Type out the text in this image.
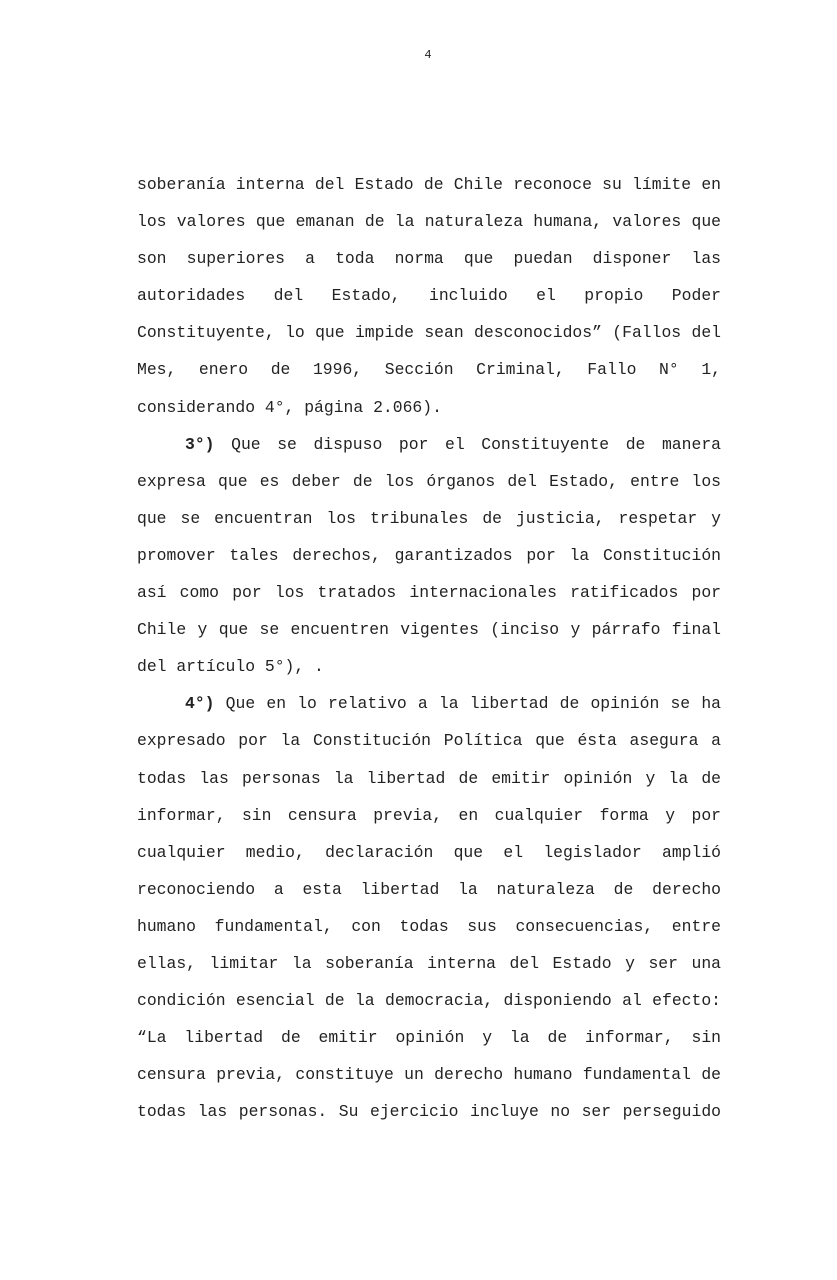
4
soberanía interna del Estado de Chile reconoce su límite en
los valores que emanan de la naturaleza humana, valores que
son superiores a toda norma que puedan disponer las
autoridades del Estado, incluido el propio Poder
Constituyente, lo que impide sean desconocidos” (Fallos del
Mes, enero de 1996, Sección Criminal, Fallo N° 1,
considerando 4°, página 2.066).
3°) Que se dispuso por el Constituyente de manera
expresa que es deber de los órganos del Estado, entre los
que se encuentran los tribunales de justicia, respetar y
promover tales derechos, garantizados por la Constitución
así como por los tratados internacionales ratificados por
Chile y que se encuentren vigentes (inciso y párrafo final
del artículo 5°), .
4°) Que en lo relativo a la libertad de opinión se ha
expresado por la Constitución Política que ésta asegura a
todas las personas la libertad de emitir opinión y la de
informar, sin censura previa, en cualquier forma y por
cualquier medio, declaración que el legislador amplió
reconociendo a esta libertad la naturaleza de derecho
humano fundamental, con todas sus consecuencias, entre
ellas, limitar la soberanía interna del Estado y ser una
condición esencial de la democracia, disponiendo al efecto:
“La libertad de emitir opinión y la de informar, sin
censura previa, constituye un derecho humano fundamental de
todas las personas. Su ejercicio incluye no ser perseguido
